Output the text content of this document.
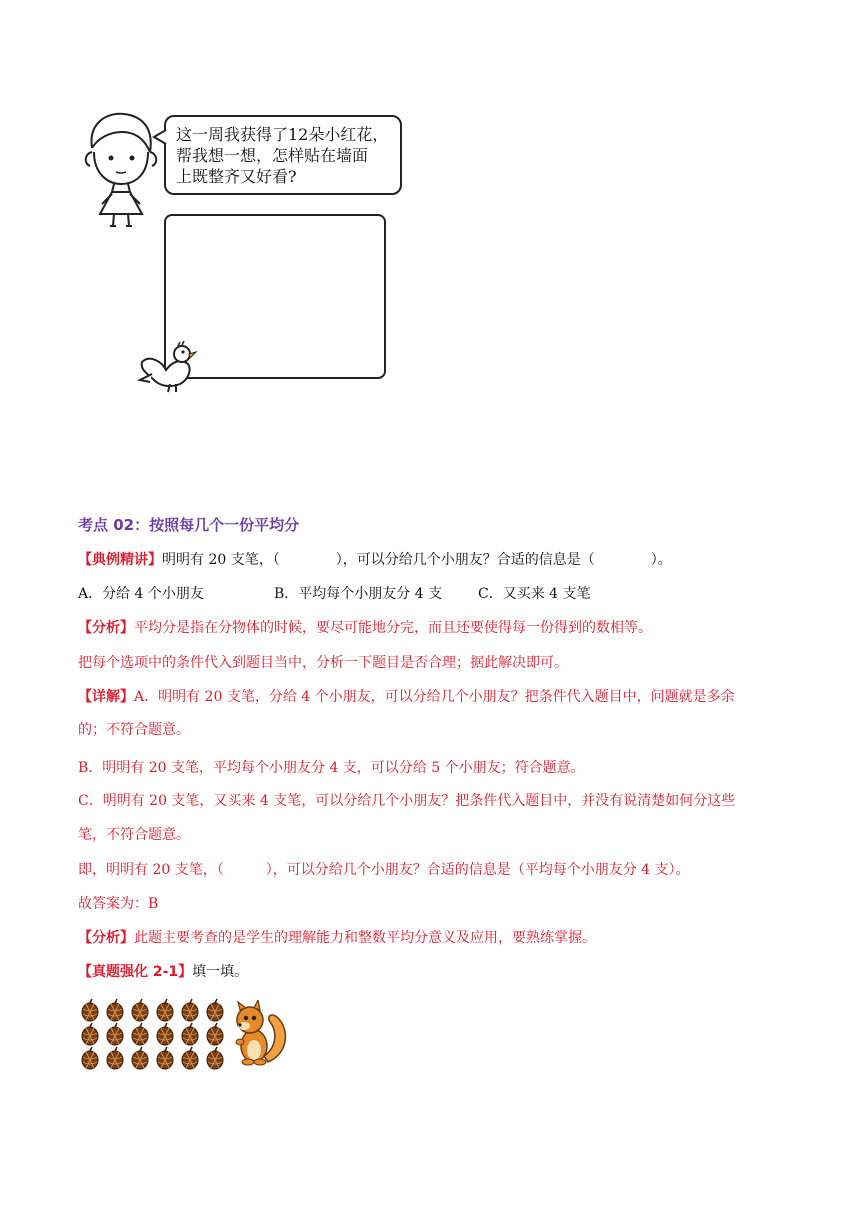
这一周我获得了12朵小红花，
帮我想一想，怎样贴在墙面
上既整齐又好看?
考点 02：按照每几个一份平均分
【典例精讲】明明有 20 支笔，（　　　　），可以分给几个小朋友？合适的信息是（　　　　）。
A．分给 4 个小朋友	B．平均每个小朋友分 4 支	C．又买来 4 支笔
【分析】平均分是指在分物体的时候，要尽可能地分完，而且还要使得每一份得到的数相等。
把每个选项中的条件代入到题目当中，分析一下题目是否合理；据此解决即可。
【详解】A．明明有 20 支笔，分给 4 个小朋友，可以分给几个小朋友？把条件代入题目中，问题就是多余
的；不符合题意。
B．明明有 20 支笔，平均每个小朋友分 4 支，可以分给 5 个小朋友；符合题意。
C．明明有 20 支笔，又买来 4 支笔，可以分给几个小朋友？把条件代入题目中，并没有说清楚如何分这些
笔，不符合题意。
即，明明有 20 支笔，（　　　），可以分给几个小朋友？合适的信息是（平均每个小朋友分 4 支）。
故答案为：B
【分析】此题主要考查的是学生的理解能力和整数平均分意义及应用，要熟练掌握。
【真题强化 2-1】填一填。
